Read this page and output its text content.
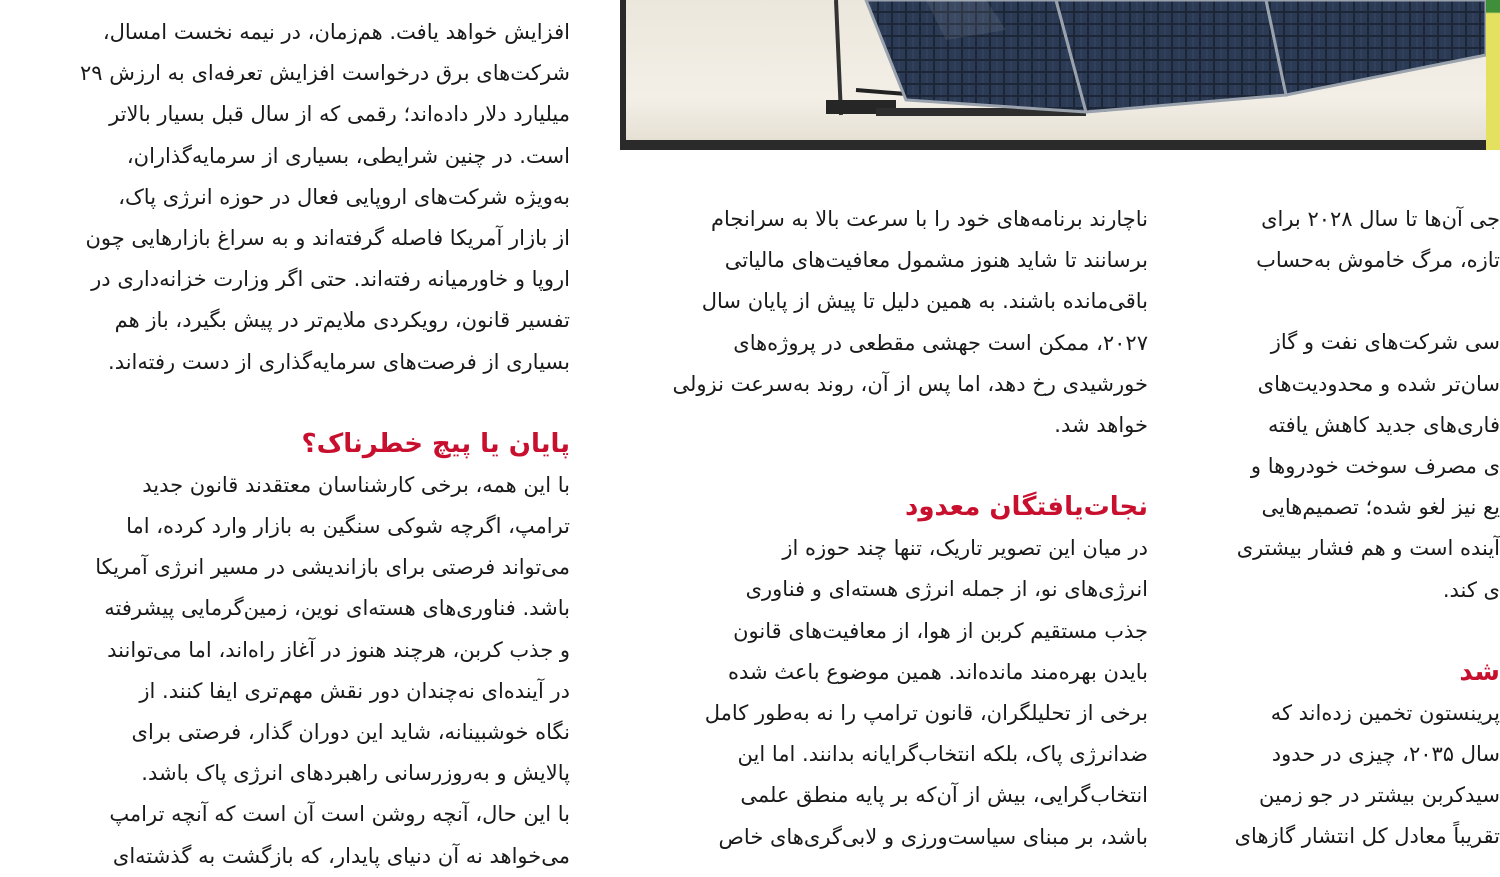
افزایش خواهد یافت. هم‌زمان، در نیمه نخست امسال،
شرکت‌های برق درخواست افزایش تعرفه‌ای به ارزش ۲۹
میلیارد دلار داده‌اند؛ رقمی که از سال قبل بسیار بالاتر
است. در چنین شرایطی، بسیاری از سرمایه‌گذاران،
به‌ویژه شرکت‌های اروپایی فعال در حوزه انرژی پاک،
از بازار آمریکا فاصله گرفته‌اند و به سراغ بازارهایی چون
اروپا و خاورمیانه رفته‌اند. حتی اگر وزارت خزانه‌داری در
تفسیر قانون، رویکردی ملایم‌تر در پیش بگیرد، باز هم
بسیاری از فرصت‌های سرمایه‌گذاری از دست رفته‌اند.

پایان یا پیچ خطرناک؟

با این همه، برخی کارشناسان معتقدند قانون جدید
ترامپ، اگرچه شوکی سنگین به بازار وارد کرده، اما
می‌تواند فرصتی برای بازاندیشی در مسیر انرژی آمریکا
باشد. فناوری‌های هسته‌ای نوین، زمین‌گرمایی پیشرفته
و جذب کربن، هرچند هنوز در آغاز راه‌اند، اما می‌توانند
در آینده‌ای نه‌چندان دور نقش مهم‌تری ایفا کنند. از
نگاه خوشبینانه، شاید این دوران گذار، فرصتی برای
پالایش و به‌روزرسانی راهبردهای انرژی پاک باشد.
با این حال، آنچه روشن است آن است که آنچه ترامپ
می‌خواهد نه آن دنیای پایدار، که بازگشت به گذشته‌ای

ناچارند برنامه‌های خود را با سرعت بالا به سرانجام
برسانند تا شاید هنوز مشمول معافیت‌های مالیاتی
باقی‌مانده باشند. به همین دلیل تا پیش از پایان سال
۲۰۲۷، ممکن است جهشی مقطعی در پروژه‌های
خورشیدی رخ دهد، اما پس از آن، روند به‌سرعت نزولی
خواهد شد.

نجات‌یافتگان معدود

در میان این تصویر تاریک، تنها چند حوزه از
انرژی‌های نو، از جمله انرژی هسته‌ای و فناوری
جذب مستقیم کربن از هوا، از معافیت‌های قانون
بایدن بهره‌مند مانده‌اند. همین موضوع باعث شده
برخی از تحلیلگران، قانون ترامپ را نه به‌طور کامل
ضدانرژی پاک، بلکه انتخاب‌گرایانه بدانند. اما این
انتخاب‌گرایی، بیش از آن‌که بر پایه منطق علمی
باشد، بر مبنای سیاست‌ورزی و لابی‌گری‌های خاص

جی آن‌ها تا سال ۲۰۲۸ برای
تازه، مرگ خاموش به‌حساب

سی شرکت‌های نفت و گاز
سان‌تر شده و محدودیت‌های
فاری‌های جدید کاهش یافته
ی مصرف سوخت خودروها و
یع نیز لغو شده؛ تصمیم‌هایی
آینده است و هم فشار بیشتری
ی کند.

شد

پرینستون تخمین زده‌اند که
سال ۲۰۳۵، چیزی در حدود
سیدکربن بیشتر در جو زمین
تقریباً معادل کل انتشار گازهای
